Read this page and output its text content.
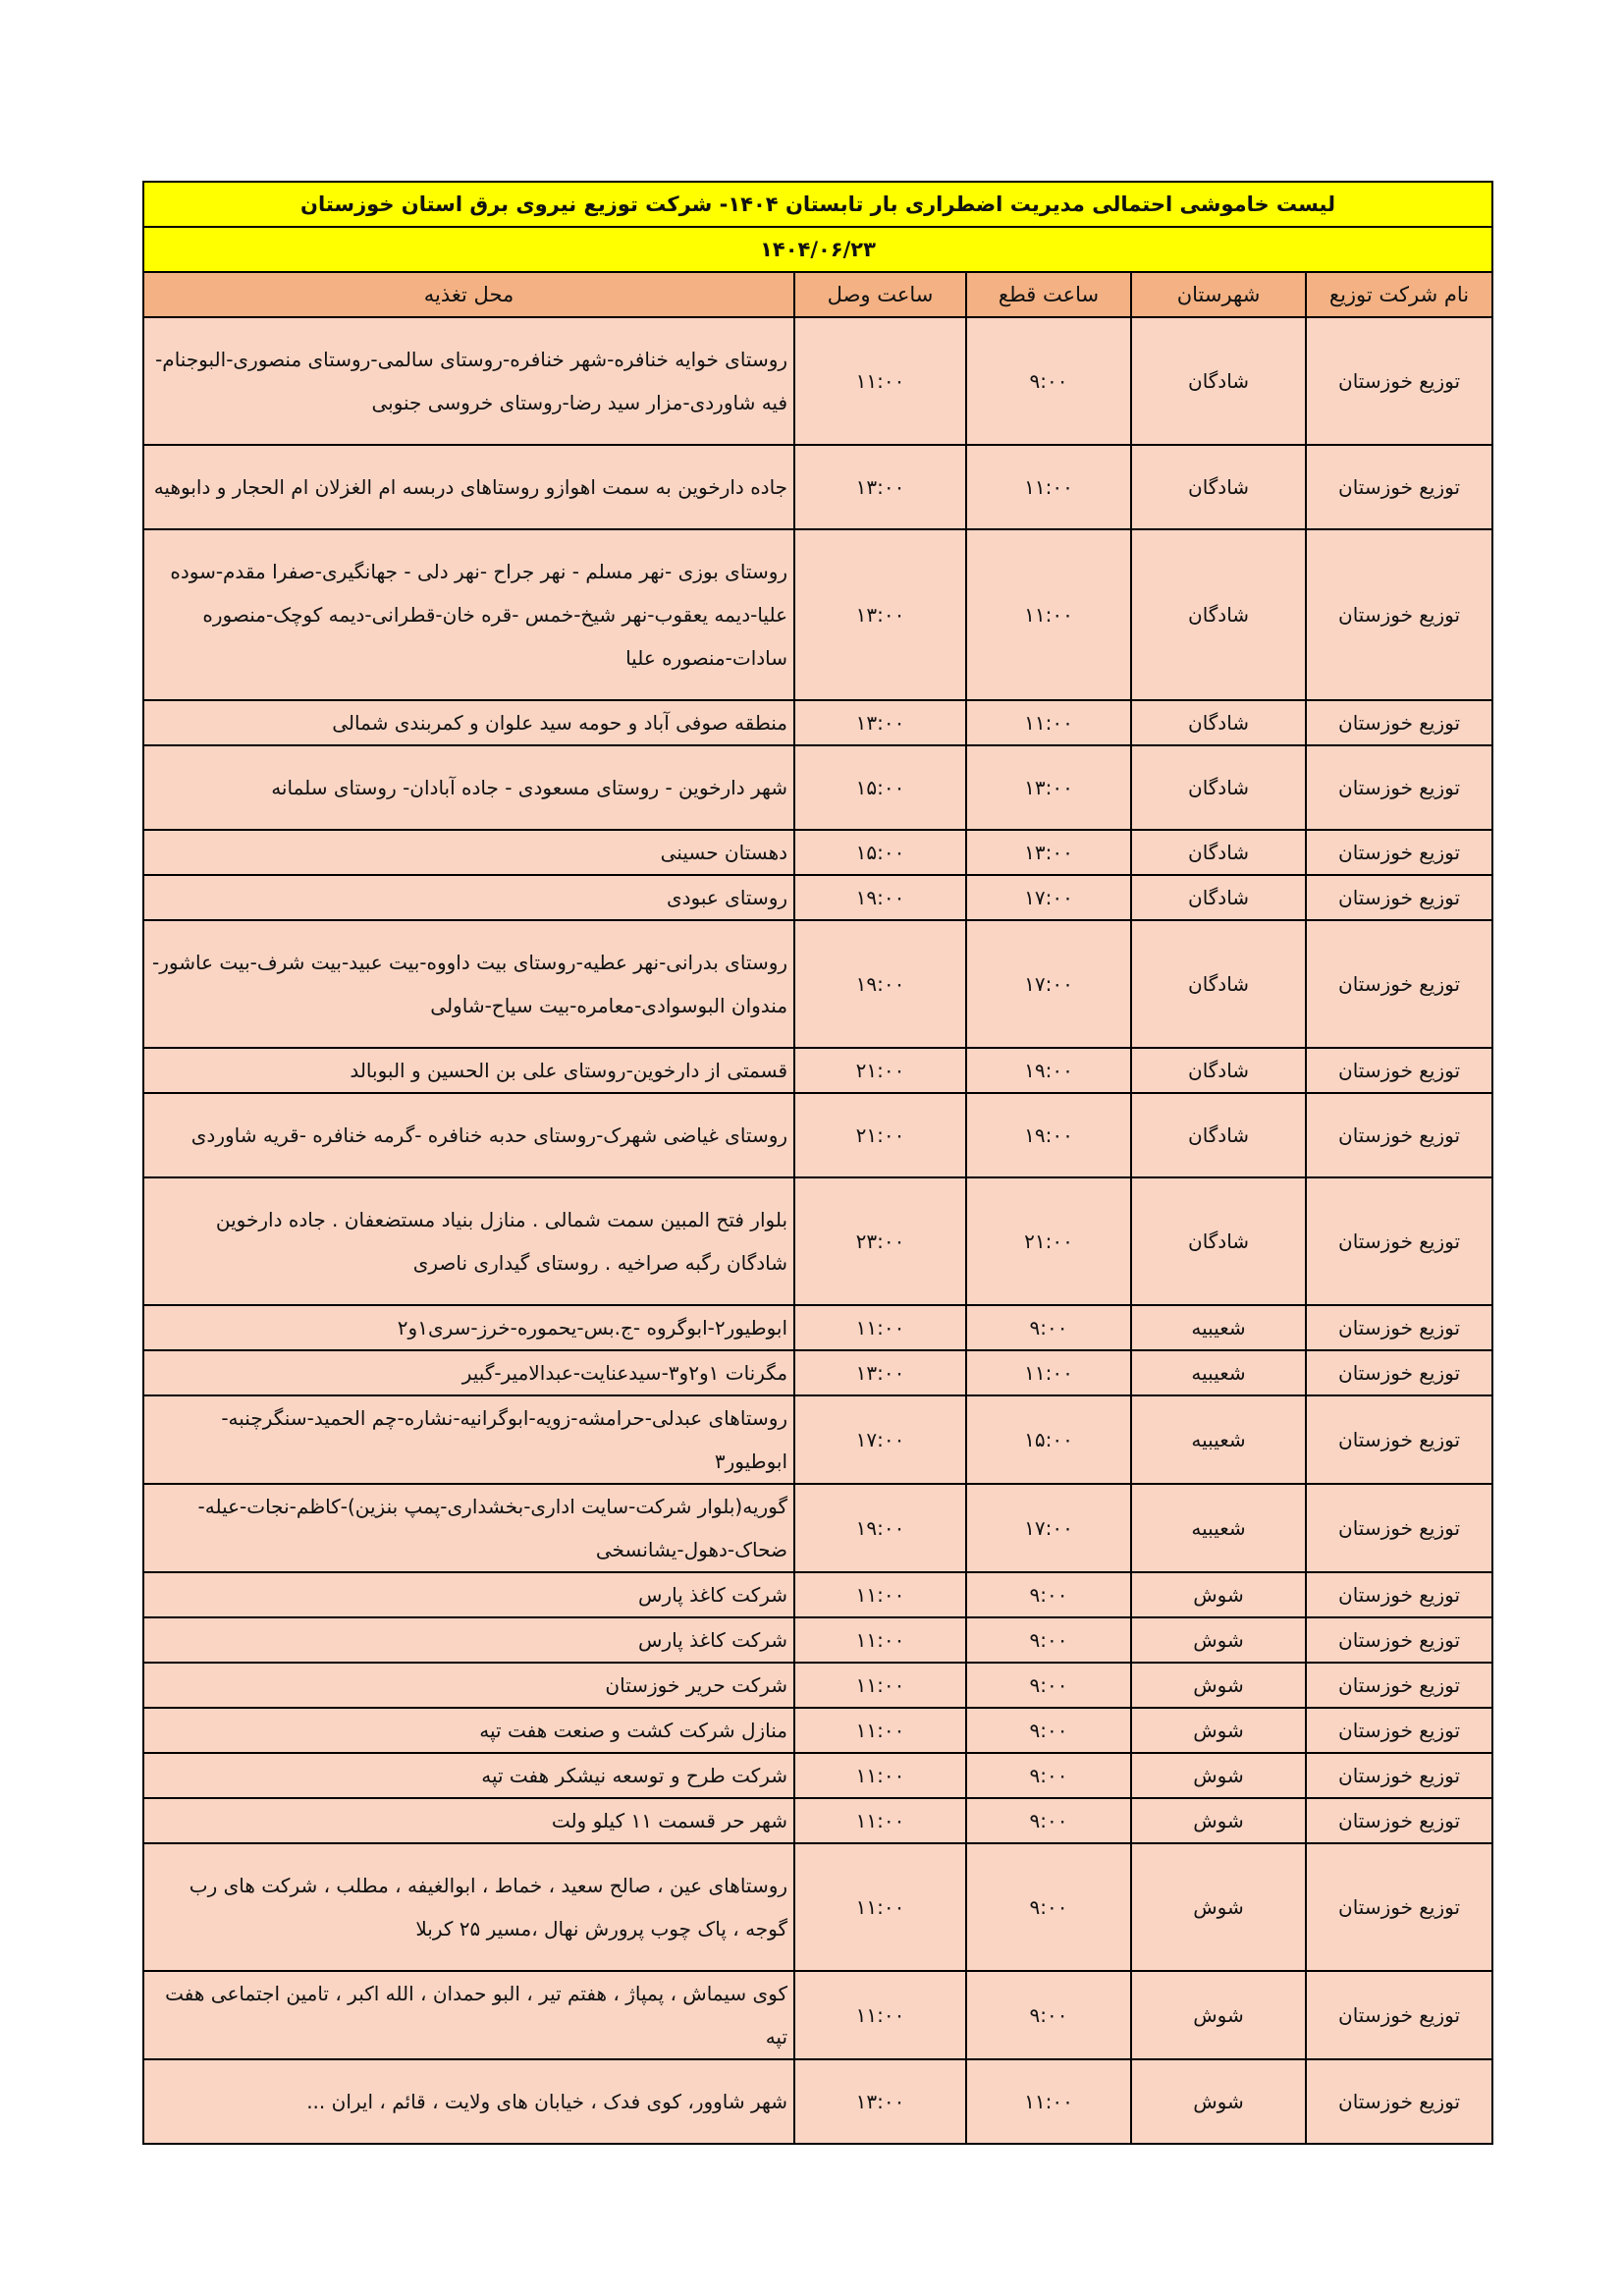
لیست خاموشی احتمالی مدیریت اضطراری بار تابستان ۱۴۰۴- شرکت توزیع نیروی برق استان خوزستان				
۱۴۰۴/۰۶/۲۳				
نام شرکت توزیع	شهرستان	ساعت قطع	ساعت وصل	محل تغذیه
توزیع خوزستان	شادگان	۹:۰۰	۱۱:۰۰	روستای خوایه خنافره-شهر خنافره-روستای سالمی-روستای منصوری-البوجنام-فیه شاوردی-مزار سید رضا-روستای خروسی جنوبی
توزیع خوزستان	شادگان	۱۱:۰۰	۱۳:۰۰	جاده دارخوین به سمت اهوازو روستاهای دربسه ام الغزلان ام الحجار و دابوهیه
توزیع خوزستان	شادگان	۱۱:۰۰	۱۳:۰۰	روستای بوزی -نهر مسلم - نهر جراح -نهر دلی - جهانگیری-صفرا مقدم-سوده علیا-دیمه یعقوب-نهر شیخ-خمس -قره خان-قطرانی-دیمه کوچک-منصوره سادات-منصوره علیا
توزیع خوزستان	شادگان	۱۱:۰۰	۱۳:۰۰	منطقه صوفی آباد و حومه سید علوان و کمربندی شمالی
توزیع خوزستان	شادگان	۱۳:۰۰	۱۵:۰۰	شهر دارخوین - روستای مسعودی - جاده آبادان- روستای سلمانه
توزیع خوزستان	شادگان	۱۳:۰۰	۱۵:۰۰	دهستان حسینی
توزیع خوزستان	شادگان	۱۷:۰۰	۱۹:۰۰	روستای عبودی
توزیع خوزستان	شادگان	۱۷:۰۰	۱۹:۰۰	روستای بدرانی-نهر عطیه-روستای بیت داووه-بیت عبید-بیت شرف-بیت عاشور-مندوان البوسوادی-معامره-بیت سیاح-شاولی
توزیع خوزستان	شادگان	۱۹:۰۰	۲۱:۰۰	قسمتی از دارخوین-روستای علی بن الحسین و البوبالد
توزیع خوزستان	شادگان	۱۹:۰۰	۲۱:۰۰	روستای غیاضی شهرک-روستای حدبه خنافره -گرمه خنافره -قریه شاوردی
توزیع خوزستان	شادگان	۲۱:۰۰	۲۳:۰۰	بلوار فتح المبین سمت شمالی . منازل بنیاد مستضعفان . جاده دارخوین شادگان رگبه صراخیه . روستای گیداری ناصری
توزیع خوزستان	شعیبیه	۹:۰۰	۱۱:۰۰	ابوطیور۲-ابوگروه -ج.بس-یحموره-خرز-سری۱و۲
توزیع خوزستان	شعیبیه	۱۱:۰۰	۱۳:۰۰	مگرنات ۱و۲و۳-سیدعنایت-عبدالامیر-گبیر
توزیع خوزستان	شعیبیه	۱۵:۰۰	۱۷:۰۰	روستاهای عبدلی-حرامشه-زویه-ابوگرانیه-نشاره-چم الحمید-سنگرچنبه-ابوطیور۳
توزیع خوزستان	شعیبیه	۱۷:۰۰	۱۹:۰۰	گوریه(بلوار شرکت-سایت اداری-بخشداری-پمپ بنزین)-کاظم-نجات-عیله-ضحاک-دهول-یشانسخی
توزیع خوزستان	شوش	۹:۰۰	۱۱:۰۰	شرکت کاغذ پارس
توزیع خوزستان	شوش	۹:۰۰	۱۱:۰۰	شرکت کاغذ پارس
توزیع خوزستان	شوش	۹:۰۰	۱۱:۰۰	شرکت حریر خوزستان
توزیع خوزستان	شوش	۹:۰۰	۱۱:۰۰	منازل شرکت کشت و صنعت هفت تپه
توزیع خوزستان	شوش	۹:۰۰	۱۱:۰۰	شرکت طرح و توسعه نیشکر هفت تپه
توزیع خوزستان	شوش	۹:۰۰	۱۱:۰۰	شهر حر قسمت ۱۱ کیلو ولت
توزیع خوزستان	شوش	۹:۰۰	۱۱:۰۰	روستاهای عین ، صالح سعید ، خماط ، ابوالغیفه ، مطلب ، شرکت های رب گوجه ، پاک چوب پرورش نهال ،مسیر ۲۵ کربلا
توزیع خوزستان	شوش	۹:۰۰	۱۱:۰۰	کوی سیماش ، پمپاژ ، هفتم تیر ، البو حمدان ، الله اکبر ، تامین اجتماعی هفت تپه
توزیع خوزستان	شوش	۱۱:۰۰	۱۳:۰۰	شهر شاوور، کوی فدک ، خیابان های ولایت ، قائم ، ایران ...
